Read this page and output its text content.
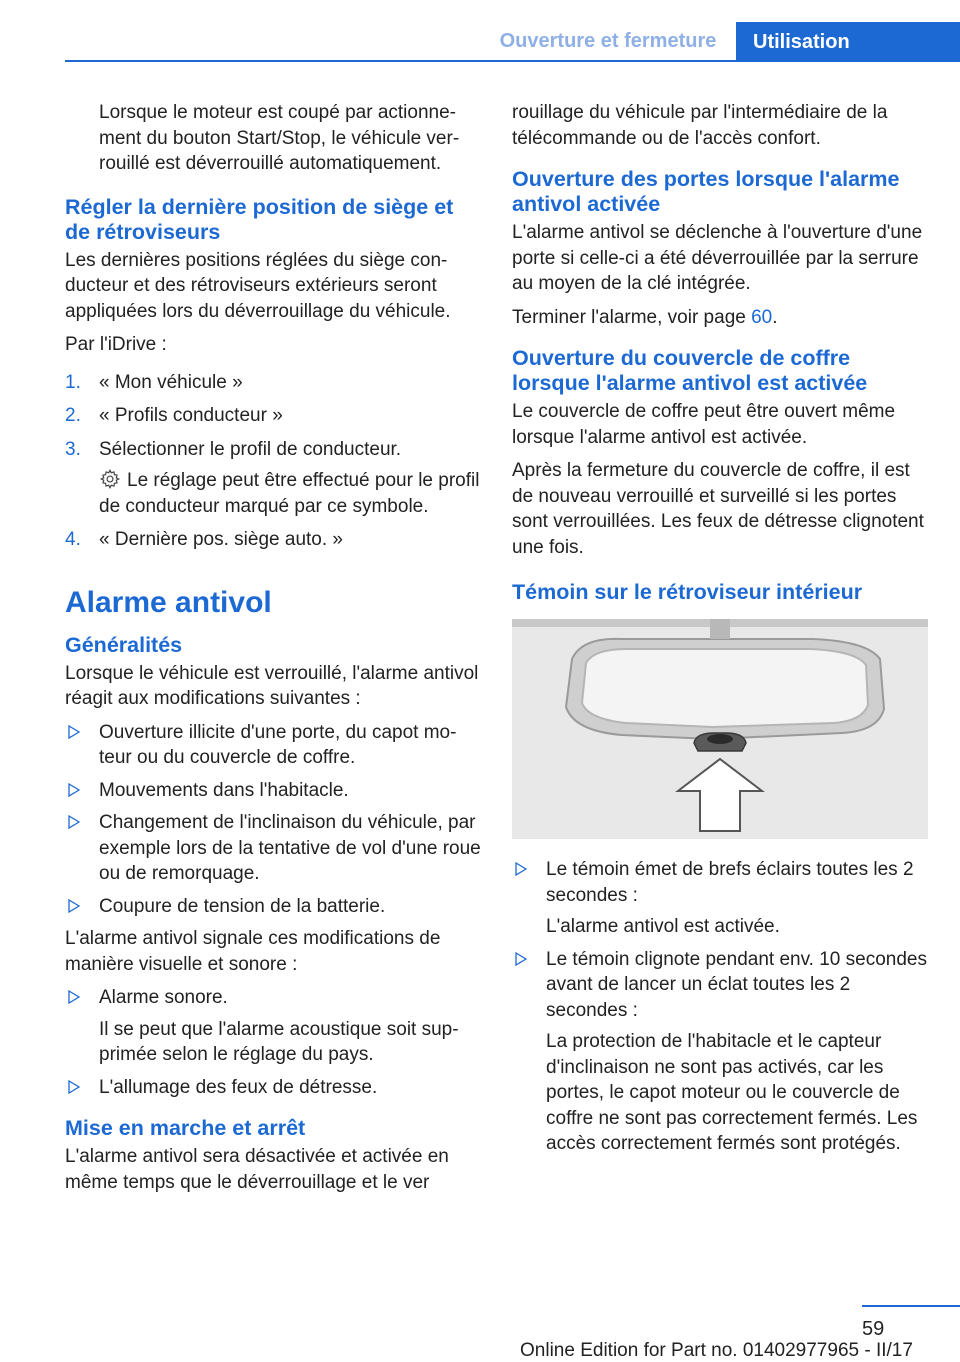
Ouverture et fermeture	Utilisation

Lorsque le moteur est coupé par actionnement du bouton Start/Stop, le véhicule verrouillé est déverrouillé automatiquement.

Régler la dernière position de siège et de rétroviseurs

Les dernières positions réglées du siège conducteur et des rétroviseurs extérieurs seront appliquées lors du déverrouillage du véhicule.

Par l'iDrive :

1. « Mon véhicule »
2. « Profils conducteur »
3. Sélectionner le profil de conducteur.

Le réglage peut être effectué pour le profil de conducteur marqué par ce symbole.

4. « Dernière pos. siège auto. »
Alarme antivol
Généralités

Lorsque le véhicule est verrouillé, l'alarme antivol réagit aux modifications suivantes :

Ouverture illicite d'une porte, du capot moteur ou du couvercle de coffre.
Mouvements dans l'habitacle.
Changement de l'inclinaison du véhicule, par exemple lors de la tentative de vol d'une roue ou de remorquage.
Coupure de tension de la batterie.

L'alarme antivol signale ces modifications de manière visuelle et sonore :

Alarme sonore.

Il se peut que l'alarme acoustique soit supprimée selon le réglage du pays.

L'allumage des feux de détresse.
Mise en marche et arrêt

L'alarme antivol sera désactivée et activée en même temps que le déverrouillage et le ver

rouillage du véhicule par l'intermédiaire de la télécommande ou de l'accès confort.

Ouverture des portes lorsque l'alarme antivol activée

L'alarme antivol se déclenche à l'ouverture d'une porte si celle-ci a été déverrouillée par la serrure au moyen de la clé intégrée.

Terminer l'alarme, voir page 60.

Ouverture du couvercle de coffre lorsque l'alarme antivol est activée

Le couvercle de coffre peut être ouvert même lorsque l'alarme antivol est activée.

Après la fermeture du couvercle de coffre, il est de nouveau verrouillé et surveillé si les portes sont verrouillées. Les feux de détresse clignotent une fois.

Témoin sur le rétroviseur intérieur
Le témoin émet de brefs éclairs toutes les 2 secondes :

L'alarme antivol est activée.

Le témoin clignote pendant env. 10 secondes avant de lancer un éclat toutes les 2 secondes :

La protection de l'habitacle et le capteur d'inclinaison ne sont pas activés, car les portes, le capot moteur ou le couvercle de coffre ne sont pas correctement fermés. Les accès correctement fermés sont protégés.

59
Online Edition for Part no. 01402977965 - II/17
